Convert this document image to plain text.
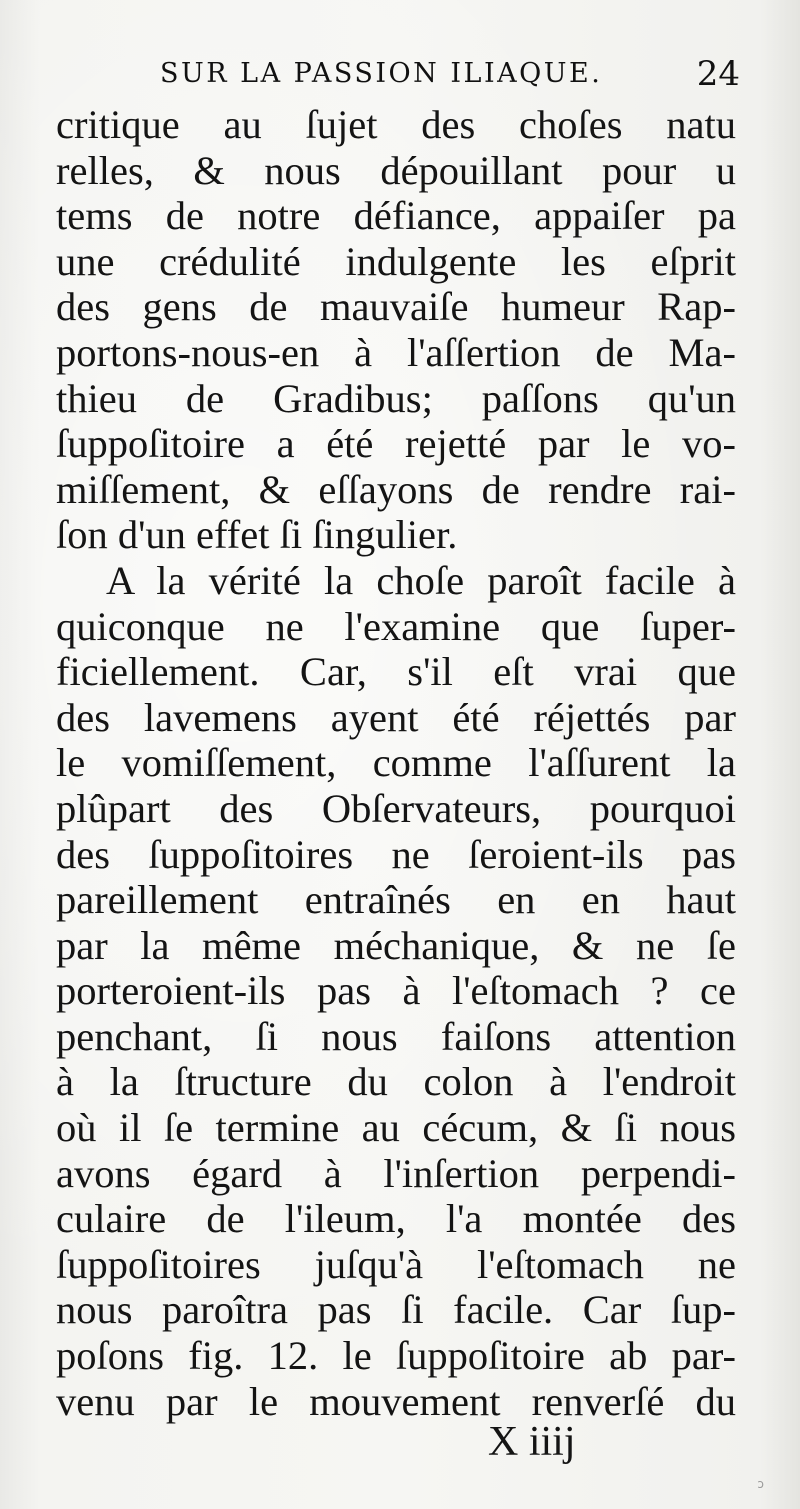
SUR LA PASSION ILIAQUE.	24
critique au ſujet des choſes natu
relles, & nous dépouillant pour u
tems de notre défiance, appaiſer pa
une crédulité indulgente les eſprit
des gens de mauvaiſe humeur Rap-
portons-nous-en à l'aſſertion de Ma-
thieu de Gradibus; paſſons qu'un
ſuppoſitoire a été rejetté par le vo-
miſſement, & eſſayons de rendre rai-
ſon d'un effet ſi ſingulier.
A la vérité la choſe paroît facile à
quiconque ne l'examine que ſuper-
ficiellement. Car, s'il eſt vrai que
des lavemens ayent été réjettés par
le vomiſſement, comme l'aſſurent la
plûpart des Obſervateurs, pourquoi
des ſuppoſitoires ne ſeroient-ils pas
pareillement entraînés en en haut
par la même méchanique, & ne ſe
porteroient-ils pas à l'eſtomach ? ce
penchant, ſi nous faiſons attention
à la ſtructure du colon à l'endroit
où il ſe termine au cécum, & ſi nous
avons égard à l'inſertion perpendi-
culaire de l'ileum, l'a montée des
ſuppoſitoires juſqu'à l'eſtomach ne
nous paroîtra pas ſi facile. Car ſup-
poſons fig. 12. le ſuppoſitoire ab par-
venu par le mouvement renverſé du
X iiij
ɔ
